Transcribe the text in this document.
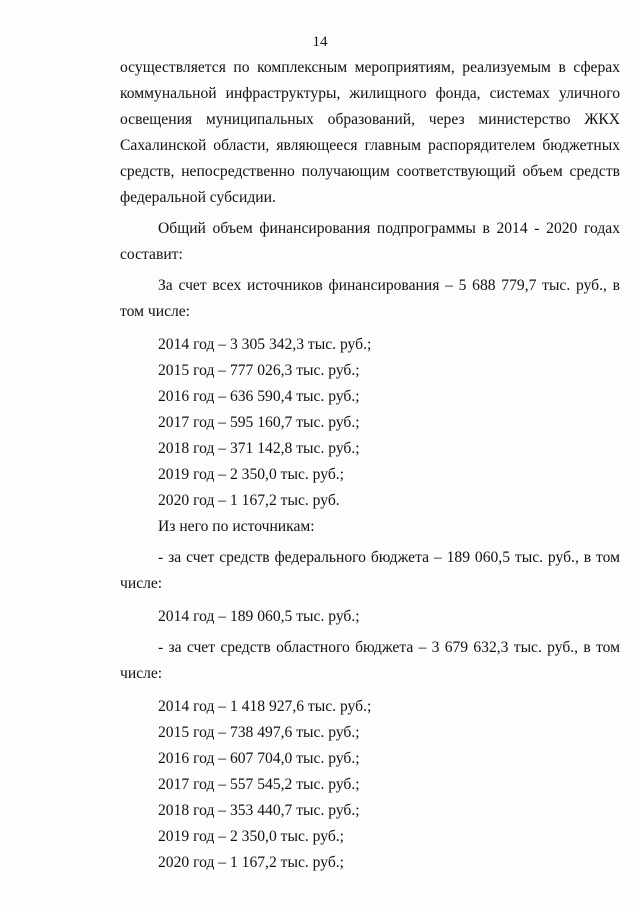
14

осуществляется по комплексным мероприятиям, реализуемым в сферах коммунальной инфраструктуры, жилищного фонда, системах уличного освещения муниципальных образований, через министерство ЖКХ Сахалинской области, являющееся главным распорядителем бюджетных средств, непосредственно получающим соответствующий объем средств федеральной субсидии.

Общий объем финансирования подпрограммы в 2014 - 2020 годах составит:

За счет всех источников финансирования – 5 688 779,7 тыс. руб., в том числе:

2014 год – 3 305 342,3 тыс. руб.;

2015 год – 777 026,3 тыс. руб.;

2016 год – 636 590,4 тыс. руб.;

2017 год – 595 160,7 тыс. руб.;

2018 год – 371 142,8 тыс. руб.;

2019 год – 2 350,0 тыс. руб.;

2020 год – 1 167,2 тыс. руб.

Из него по источникам:

- за счет средств федерального бюджета – 189 060,5 тыс. руб., в том числе:

2014 год – 189 060,5 тыс. руб.;

- за счет средств областного бюджета – 3 679 632,3 тыс. руб., в том числе:

2014 год – 1 418 927,6 тыс. руб.;

2015 год – 738 497,6 тыс. руб.;

2016 год – 607 704,0 тыс. руб.;

2017 год – 557 545,2 тыс. руб.;

2018 год – 353 440,7 тыс. руб.;

2019 год – 2 350,0 тыс. руб.;

2020 год – 1 167,2 тыс. руб.;
